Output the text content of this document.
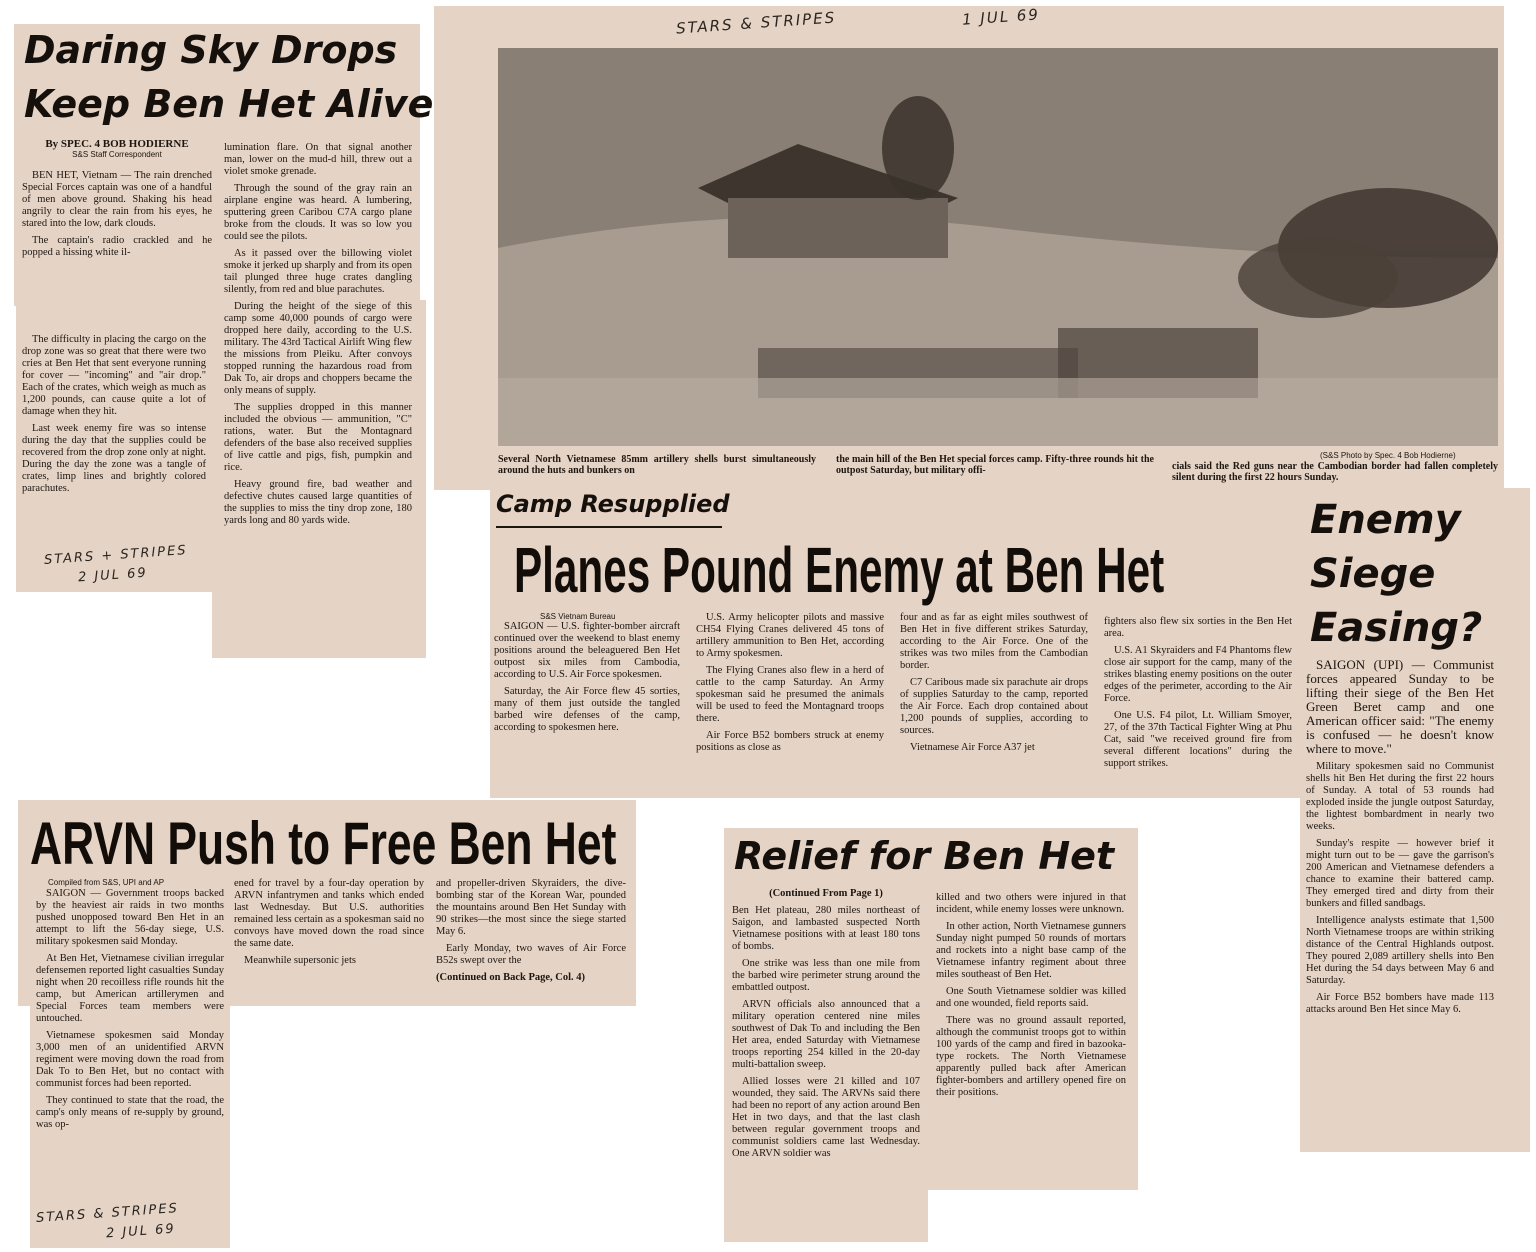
Daring Sky Drops
Keep Ben Het Alive
By SPEC. 4 BOB HODIERNE
S&S Staff Correspondent

BEN HET, Vietnam — The rain drenched Special Forces captain was one of a handful of men above ground. Shaking his head angrily to clear the rain from his eyes, he stared into the low, dark clouds.

The captain's radio crackled and he popped a hissing white il-

lumination flare. On that signal another man, lower on the mud-d hill, threw out a violet smoke grenade.

Through the sound of the gray rain an airplane engine was heard. A lumbering, sputtering green Caribou C7A cargo plane broke from the clouds. It was so low you could see the pilots.

As it passed over the billowing violet smoke it jerked up sharply and from its open tail plunged three huge crates dangling silently, from red and blue parachutes.

During the height of the siege of this camp some 40,000 pounds of cargo were dropped here daily, according to the U.S. military. The 43rd Tactical Airlift Wing flew the missions from Pleiku. After convoys stopped running the hazardous road from Dak To, air drops and choppers became the only means of supply.

The supplies dropped in this manner included the obvious — ammunition, "C" rations, water. But the Montagnard defenders of the base also received supplies of live cattle and pigs, fish, pumpkin and rice.

Heavy ground fire, bad weather and defective chutes caused large quantities of the supplies to miss the tiny drop zone, 180 yards long and 80 yards wide.

The difficulty in placing the cargo on the drop zone was so great that there were two cries at Ben Het that sent everyone running for cover — "incoming" and "air drop." Each of the crates, which weigh as much as 1,200 pounds, can cause quite a lot of damage when they hit.

Last week enemy fire was so intense during the day that the supplies could be recovered from the drop zone only at night. During the day the zone was a tangle of crates, limp lines and brightly colored parachutes.

STARS + STRIPES
2 JUL 69
STARS & STRIPES	1 JUL 69
(S&S Photo by Spec. 4 Bob Hodierne)
Several North Vietnamese 85mm artillery shells burst simultaneously around the huts and bunkers on
the main hill of the Ben Het special forces camp. Fifty-three rounds hit the outpost Saturday, but military offi-	cials said the Red guns near the Cambodian border had fallen completely silent during the first 22 hours Sunday.
Camp Resupplied
Planes Pound Enemy at Ben Het
S&S Vietnam Bureau

SAIGON — U.S. fighter-bomber aircraft continued over the weekend to blast enemy positions around the beleaguered Ben Het outpost six miles from Cambodia, according to U.S. Air Force spokesmen.

Saturday, the Air Force flew 45 sorties, many of them just outside the tangled barbed wire defenses of the camp, according to spokesmen here.

U.S. Army helicopter pilots and massive CH54 Flying Cranes delivered 45 tons of artillery ammunition to Ben Het, according to Army spokesmen.

The Flying Cranes also flew in a herd of cattle to the camp Saturday. An Army spokesman said he presumed the animals will be used to feed the Montagnard troops there.

Air Force B52 bombers struck at enemy positions as close as

four and as far as eight miles southwest of Ben Het in five different strikes Saturday, according to the Air Force. One of the strikes was two miles from the Cambodian border.

C7 Caribous made six parachute air drops of supplies Saturday to the camp, reported the Air Force. Each drop contained about 1,200 pounds of supplies, according to sources.

Vietnamese Air Force A37 jet

fighters also flew six sorties in the Ben Het area.

U.S. A1 Skyraiders and F4 Phantoms flew close air support for the camp, many of the strikes blasting enemy positions on the outer edges of the perimeter, according to the Air Force.

One U.S. F4 pilot, Lt. William Smoyer, 27, of the 37th Tactical Fighter Wing at Phu Cat, said "we received ground fire from several different locations" during the support strikes.

Enemy
Siege
Easing?

SAIGON (UPI) — Communist forces appeared Sunday to be lifting their siege of the Ben Het Green Beret camp and one American officer said: "The enemy is confused — he doesn't know where to move."

Military spokesmen said no Communist shells hit Ben Het during the first 22 hours of Sunday. A total of 53 rounds had exploded inside the jungle outpost Saturday, the lightest bombardment in nearly two weeks.

Sunday's respite — however brief it might turn out to be — gave the garrison's 200 American and Vietnamese defenders a chance to examine their battered camp. They emerged tired and dirty from their bunkers and filled sandbags.

Intelligence analysts estimate that 1,500 North Vietnamese troops are within striking distance of the Central Highlands outpost. They poured 2,089 artillery shells into Ben Het during the 54 days between May 6 and Saturday.

Air Force B52 bombers have made 113 attacks around Ben Het since May 6.

ARVN Push to Free Ben Het
Compiled from S&S, UPI and AP

SAIGON — Government troops backed by the heaviest air raids in two months pushed unopposed toward Ben Het in an attempt to lift the 56-day siege, U.S. military spokesmen said Monday.

At Ben Het, Vietnamese civilian irregular defensemen reported light casualties Sunday night when 20 recoilless rifle rounds hit the camp, but American artillerymen and Special Forces team members were untouched.

Vietnamese spokesmen said Monday 3,000 men of an unidentified ARVN regiment were moving down the road from Dak To to Ben Het, but no contact with communist forces had been reported.

They continued to state that the road, the camp's only means of re-supply by ground, was op-

ened for travel by a four-day operation by ARVN infantrymen and tanks which ended last Wednesday. But U.S. authorities remained less certain as a spokesman said no convoys have moved down the road since the same date.

Meanwhile supersonic jets

and propeller-driven Skyraiders, the dive-bombing star of the Korean War, pounded the mountains around Ben Het Sunday with 90 strikes—the most since the siege started May 6.

Early Monday, two waves of Air Force B52s swept over the

(Continued on Back Page, Col. 4)

STARS & STRIPES
2 JUL 69
Relief for Ben Het

(Continued From Page 1)

Ben Het plateau, 280 miles northeast of Saigon, and lambasted suspected North Vietnamese positions with at least 180 tons of bombs.

One strike was less than one mile from the barbed wire perimeter strung around the embattled outpost.

ARVN officials also announced that a military operation centered nine miles southwest of Dak To and including the Ben Het area, ended Saturday with Vietnamese troops reporting 254 killed in the 20-day multi-battalion sweep.

Allied losses were 21 killed and 107 wounded, they said. The ARVNs said there had been no report of any action around Ben Het in two days, and that the last clash between regular government troops and communist soldiers came last Wednesday. One ARVN soldier was

killed and two others were injured in that incident, while enemy losses were unknown.

In other action, North Vietnamese gunners Sunday night pumped 50 rounds of mortars and rockets into a night base camp of the Vietnamese infantry regiment about three miles southeast of Ben Het.

One South Vietnamese soldier was killed and one wounded, field reports said.

There was no ground assault reported, although the communist troops got to within 100 yards of the camp and fired in bazooka-type rockets. The North Vietnamese apparently pulled back after American fighter-bombers and artillery opened fire on their positions.
